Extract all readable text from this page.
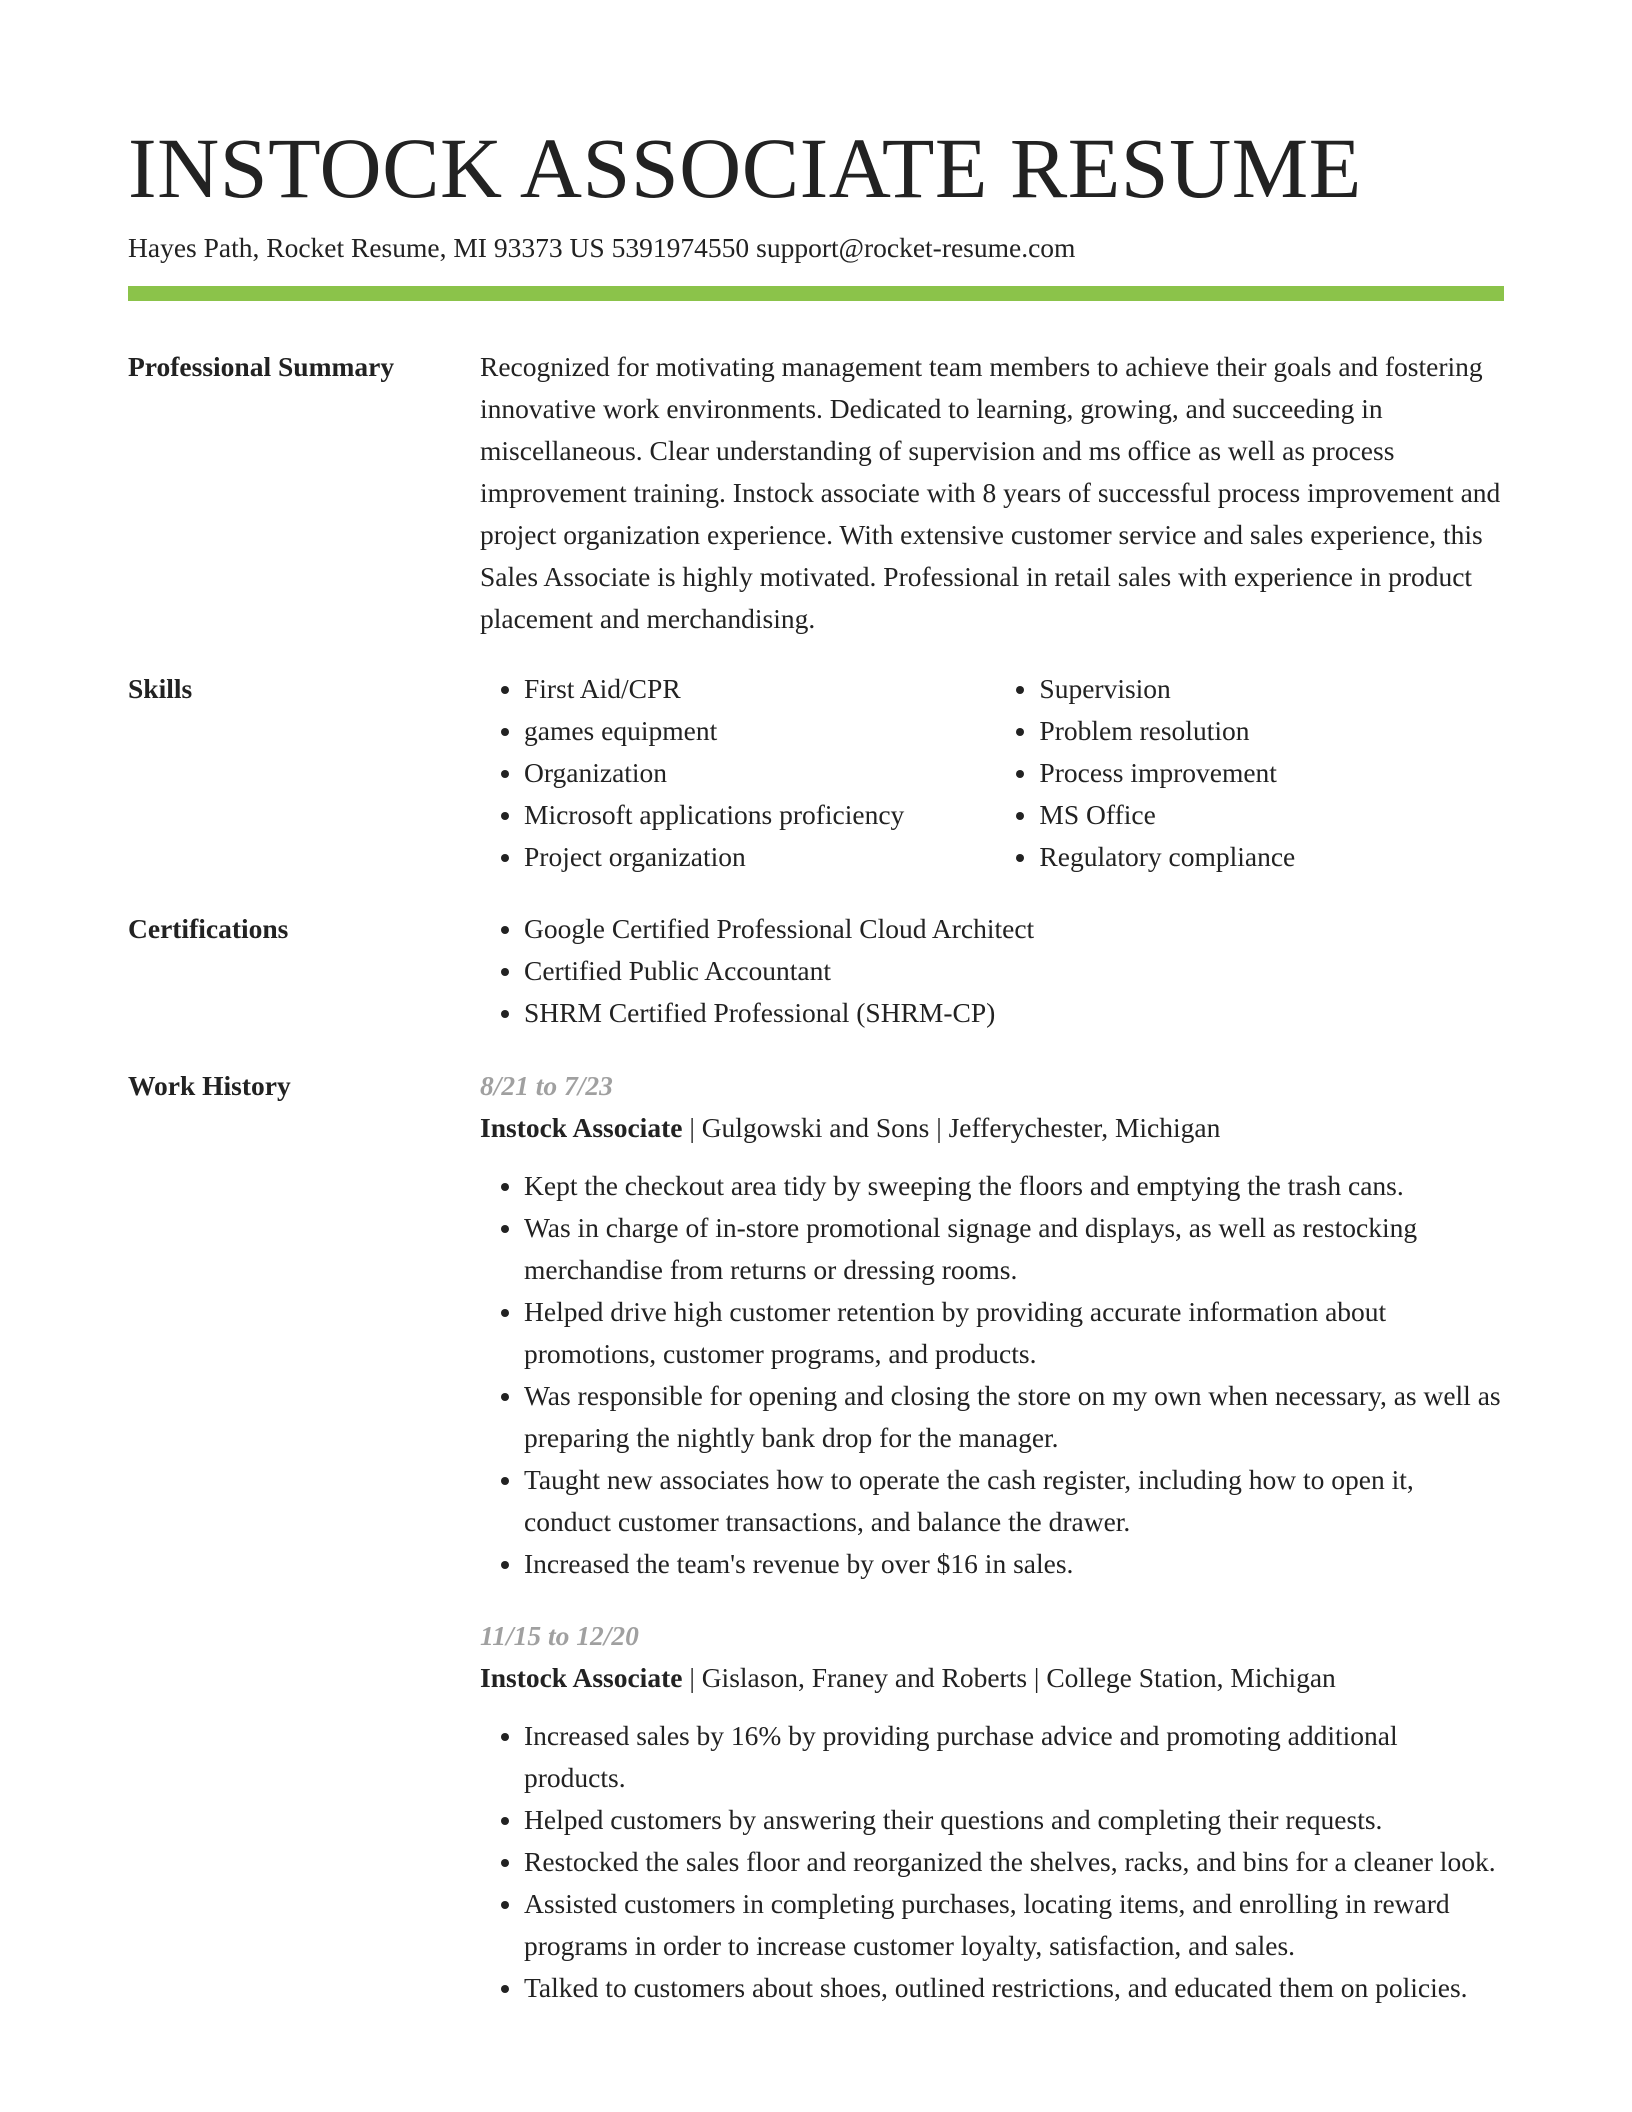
INSTOCK ASSOCIATE RESUME
Hayes Path, Rocket Resume, MI 93373 US 5391974550 support@rocket-resume.com
Professional Summary	Recognized for motivating management team members to achieve their goals and fostering innovative work environments. Dedicated to learning, growing, and succeeding in miscellaneous. Clear understanding of supervision and ms office as well as process improvement training. Instock associate with 8 years of successful process improvement and project organization experience. With extensive customer service and sales experience, this Sales Associate is highly motivated. Professional in retail sales with experience in product placement and merchandising.

Skills	• First Aid/CPR
• games equipment
• Organization
• Microsoft applications proficiency
• Project organization
• Supervision
• Problem resolution
• Process improvement
• MS Office
• Regulatory compliance
Certifications	• Google Certified Professional Cloud Architect
• Certified Public Accountant
• SHRM Certified Professional (SHRM-CP)
Work History	8/21 to 7/23
Instock Associate | Gulgowski and Sons | Jefferychester, Michigan
• Kept the checkout area tidy by sweeping the floors and emptying the trash cans.
• Was in charge of in-store promotional signage and displays, as well as restocking merchandise from returns or dressing rooms.
• Helped drive high customer retention by providing accurate information about promotions, customer programs, and products.
• Was responsible for opening and closing the store on my own when necessary, as well as preparing the nightly bank drop for the manager.
• Taught new associates how to operate the cash register, including how to open it, conduct customer transactions, and balance the drawer.
• Increased the team's revenue by over $16 in sales.
11/15 to 12/20
Instock Associate | Gislason, Franey and Roberts | College Station, Michigan
• Increased sales by 16% by providing purchase advice and promoting additional products.
• Helped customers by answering their questions and completing their requests.
• Restocked the sales floor and reorganized the shelves, racks, and bins for a cleaner look.
• Assisted customers in completing purchases, locating items, and enrolling in reward programs in order to increase customer loyalty, satisfaction, and sales.
• Talked to customers about shoes, outlined restrictions, and educated them on policies.
